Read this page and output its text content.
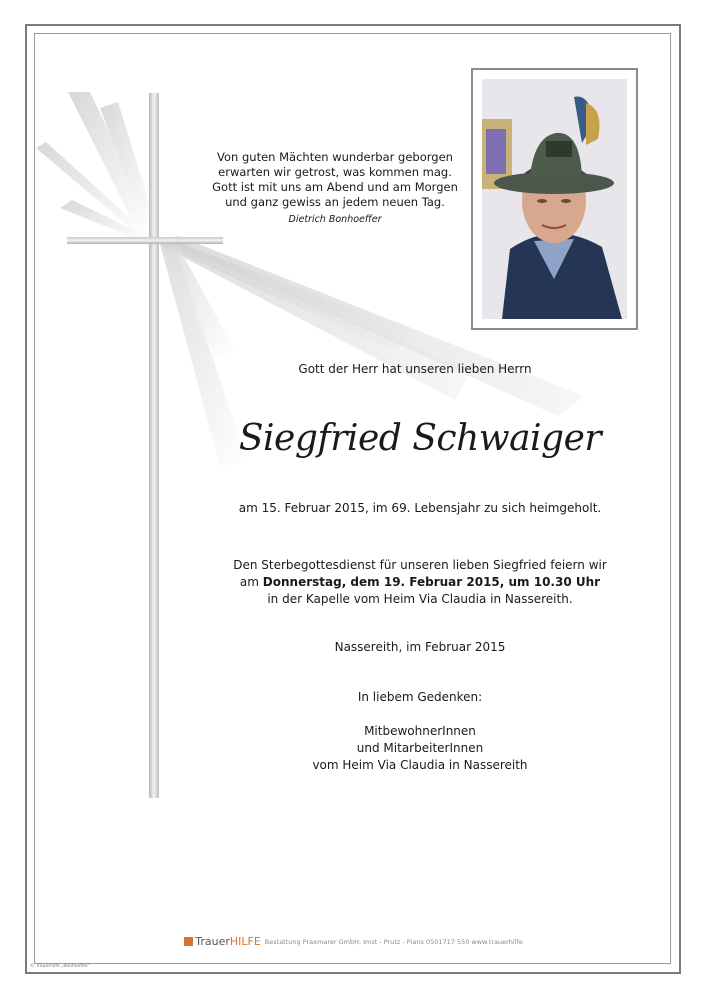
Von guten Mächten wunderbar geborgen
erwarten wir getrost, was kommen mag.
Gott ist mit uns am Abend und am Morgen
und ganz gewiss an jedem neuen Tag.
Dietrich Bonhoeffer
Gott der Herr hat unseren lieben Herrn
Siegfried Schwaiger
am 15. Februar 2015, im 69. Lebensjahr zu sich heimgeholt.
Den Sterbegottesdienst für unseren lieben Siegfried feiern wir
am Donnerstag, dem 19. Februar 2015, um 10.30 Uhr
in der Kapelle vom Heim Via Claudia in Nassereith.
Nassereith, im Februar 2015
In liebem Gedenken:
MitbewohnerInnen
und MitarbeiterInnen
vom Heim Via Claudia in Nassereith
TrauerHILFE Bestattung Praxmarer GmbH, Imst - Prutz - Pians 0501717 550 www.trauerhilfe
© Trauerhilfe „Bonhoeffer“
